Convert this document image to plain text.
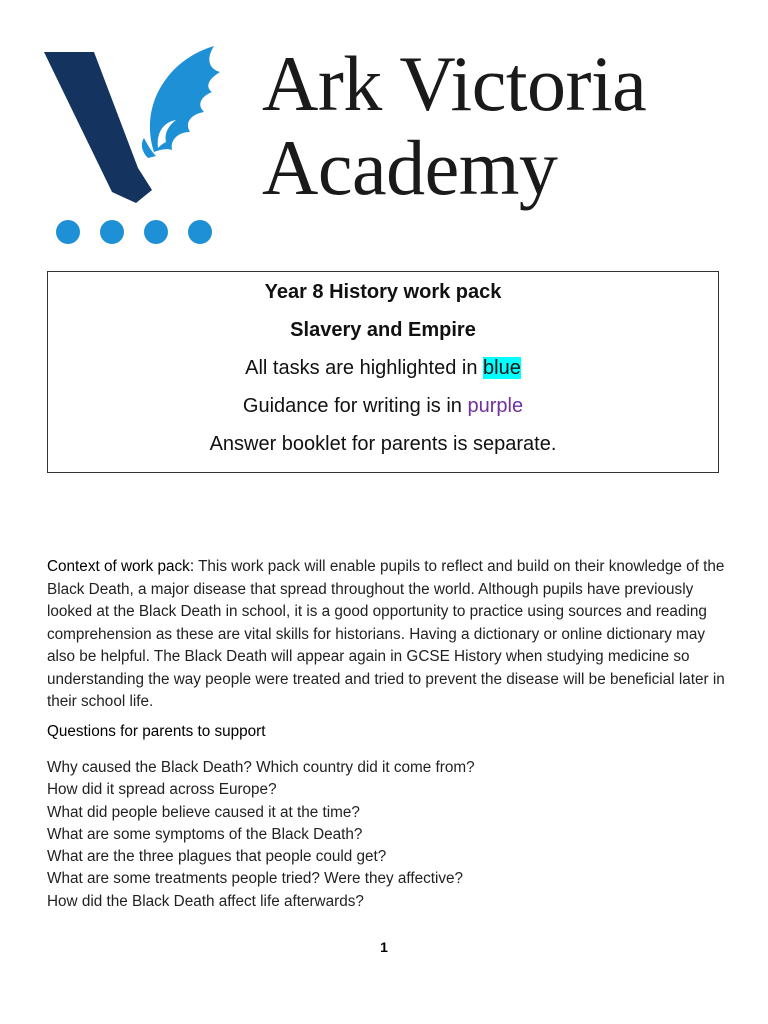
Ark Victoria
Academy
Year 8 History work pack
Slavery and Empire
All tasks are highlighted in blue
Guidance for writing is in purple
Answer booklet for parents is separate.
Context of work pack: This work pack will enable pupils to reflect and build on their knowledge of the Black Death, a major disease that spread throughout the world. Although pupils have previously looked at the Black Death in school, it is a good opportunity to practice using sources and reading comprehension as these are vital skills for historians. Having a dictionary or online dictionary may also be helpful. The Black Death will appear again in GCSE History when studying medicine so understanding the way people were treated and tried to prevent the disease will be beneficial later in their school life.
Questions for parents to support
Why caused the Black Death? Which country did it come from?
How did it spread across Europe?
What did people believe caused it at the time?
What are some symptoms of the Black Death?
What are the three plagues that people could get?
What are some treatments people tried? Were they affective?
How did the Black Death affect life afterwards?
1
